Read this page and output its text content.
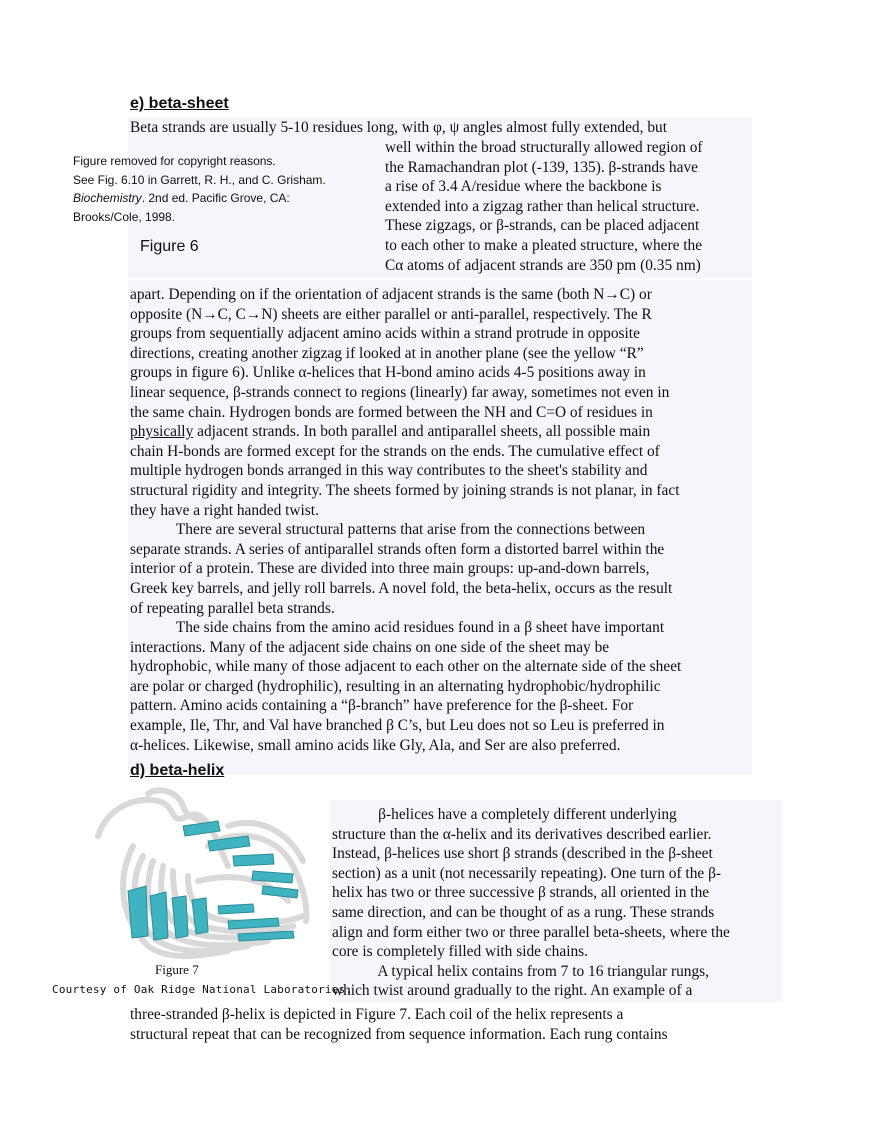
e) beta-sheet

Beta strands are usually 5-10 residues long, with φ, ψ angles almost fully extended, but

well within the broad structurally allowed region of
the Ramachandran plot (-139, 135). β-strands have
a rise of 3.4 A/residue where the backbone is
extended into a zigzag rather than helical structure.
These zigzags, or β-strands, can be placed adjacent
to each other to make a pleated structure, where the
Cα atoms of adjacent strands are 350 pm (0.35 nm)
Figure removed for copyright reasons.
See Fig. 6.10 in Garrett, R. H., and C. Grisham.
Biochemistry. 2nd ed. Pacific Grove, CA:
Brooks/Cole, 1998.
Figure 6
apart. Depending on if the orientation of adjacent strands is the same (both N→C) or
opposite (N→C, C→N) sheets are either parallel or anti-parallel, respectively. The R
groups from sequentially adjacent amino acids within a strand protrude in opposite
directions, creating another zigzag if looked at in another plane (see the yellow “R”
groups in figure 6). Unlike α-helices that H-bond amino acids 4-5 positions away in
linear sequence, β-strands connect to regions (linearly) far away, sometimes not even in
the same chain. Hydrogen bonds are formed between the NH and C=O of residues in
physically adjacent strands. In both parallel and antiparallel sheets, all possible main
chain H-bonds are formed except for the strands on the ends. The cumulative effect of
multiple hydrogen bonds arranged in this way contributes to the sheet's stability and
structural rigidity and integrity. The sheets formed by joining strands is not planar, in fact
they have a right handed twist.
There are several structural patterns that arise from the connections between
separate strands. A series of antiparallel strands often form a distorted barrel within the
interior of a protein. These are divided into three main groups: up-and-down barrels,
Greek key barrels, and jelly roll barrels. A novel fold, the beta-helix, occurs as the result
of repeating parallel beta strands.
The side chains from the amino acid residues found in a β sheet have important
interactions. Many of the adjacent side chains on one side of the sheet may be
hydrophobic, while many of those adjacent to each other on the alternate side of the sheet
are polar or charged (hydrophilic), resulting in an alternating hydrophobic/hydrophilic
pattern. Amino acids containing a “β-branch” have preference for the β-sheet. For
example, Ile, Thr, and Val have branched β C’s, but Leu does not so Leu is preferred in
α-helices. Likewise, small amino acids like Gly, Ala, and Ser are also preferred.
d) beta-helix
β-helices have a completely different underlying
structure than the α-helix and its derivatives described earlier.
Instead, β-helices use short β strands (described in the β-sheet
section) as a unit (not necessarily repeating). One turn of the β-
helix has two or three successive β strands, all oriented in the
same direction, and can be thought of as a rung. These strands
align and form either two or three parallel beta-sheets, where the
core is completely filled with side chains.
A typical helix contains from 7 to 16 triangular rungs,
which twist around gradually to the right. An example of a
Figure 7
Courtesy of Oak Ridge National Laboratories.
three-stranded β-helix is depicted in Figure 7. Each coil of the helix represents a
structural repeat that can be recognized from sequence information. Each rung contains
